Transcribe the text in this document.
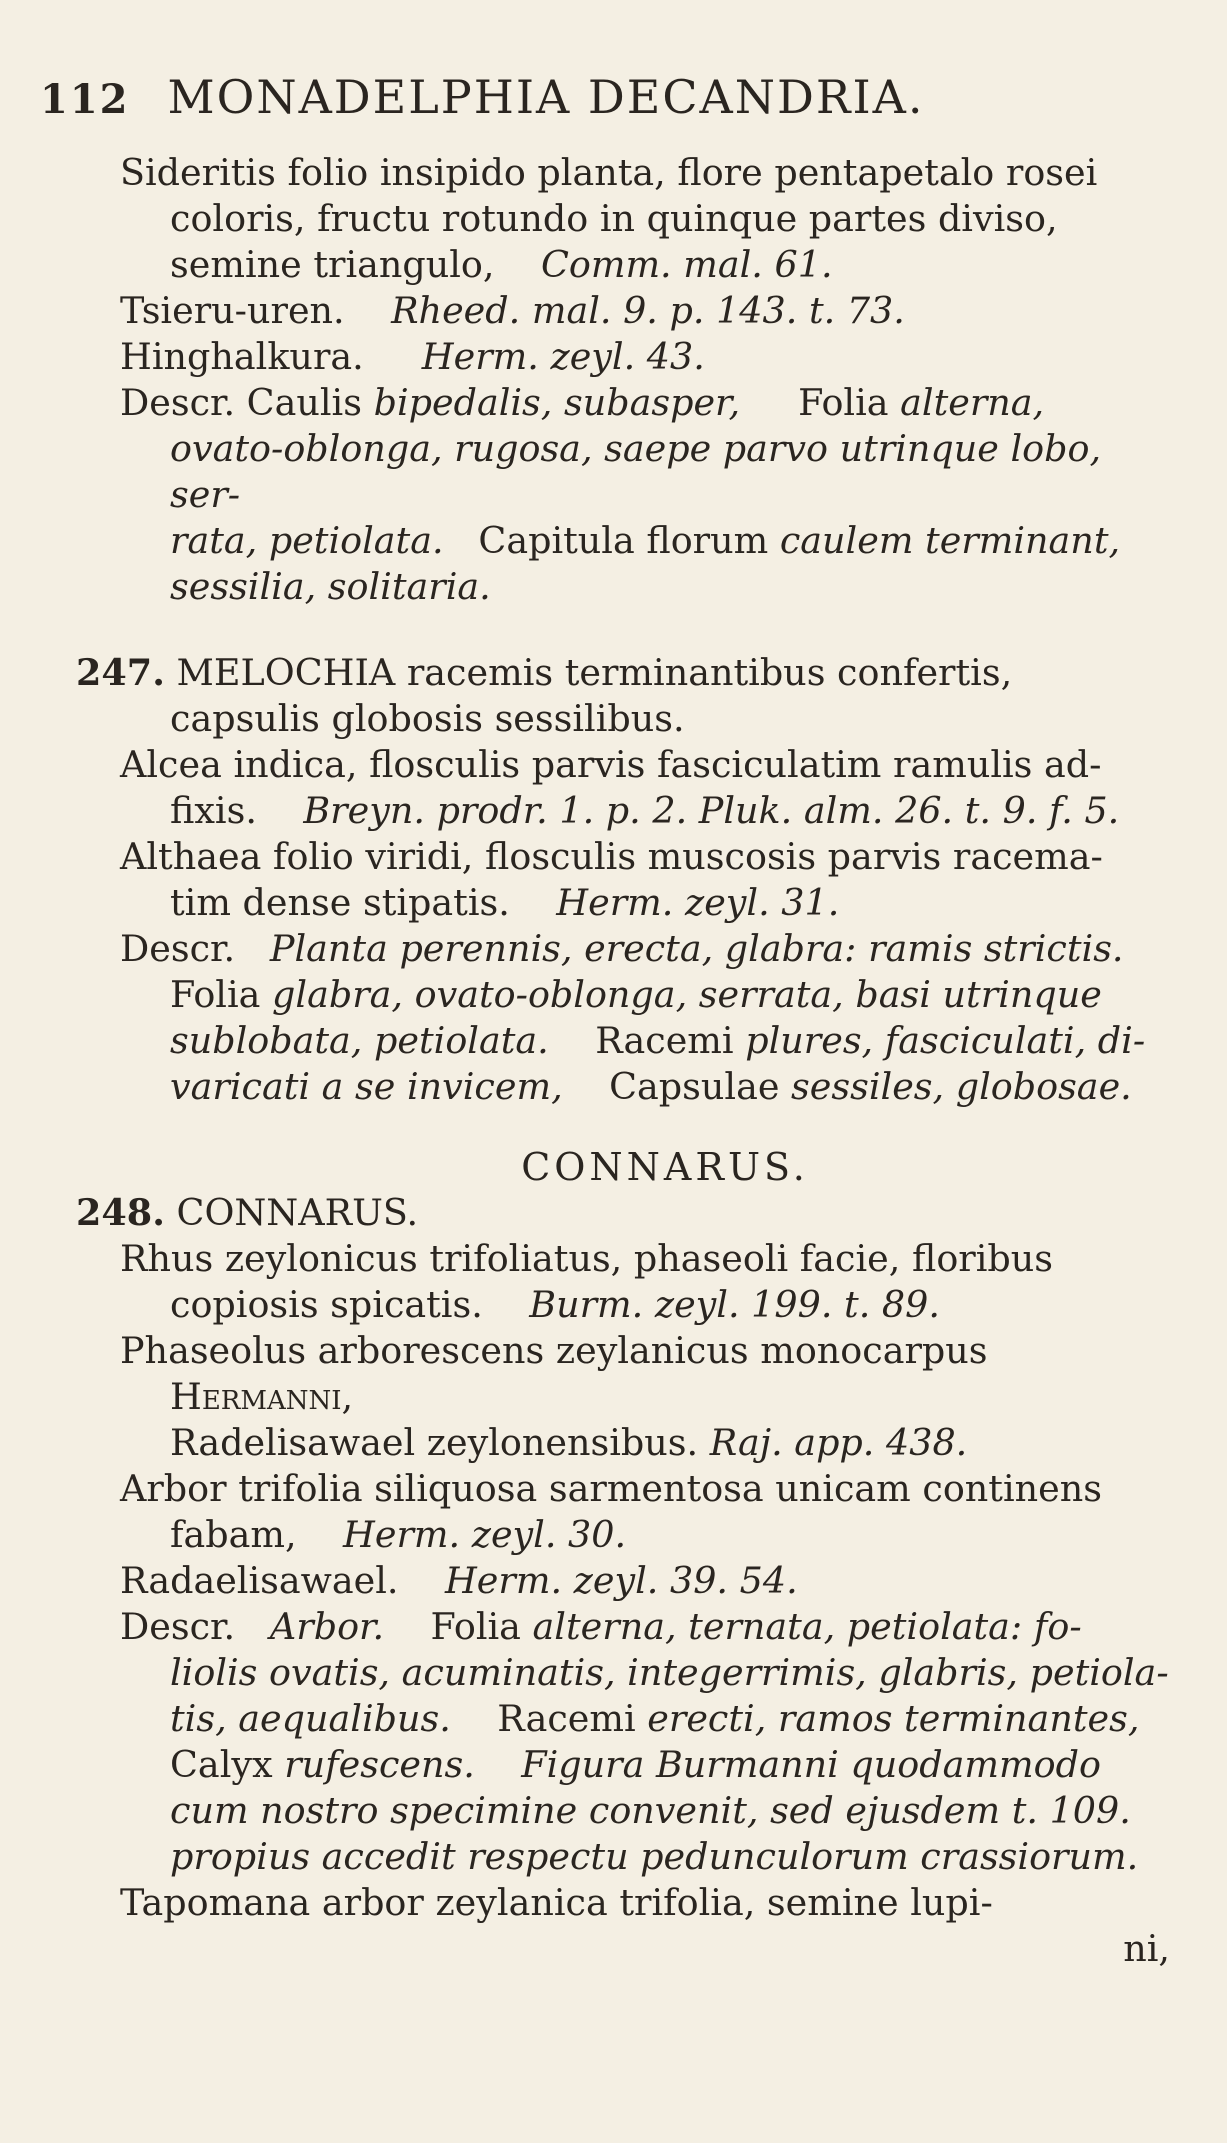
112 MONADELPHIA DECANDRIA.

Sideritis folio insipido planta, flore pentapetalo rosei
coloris, fructu rotundo in quinque partes diviso,
semine triangulo, Comm. mal. 61.

Tsieru-uren. Rheed. mal. 9. p. 143. t. 73.

Hinghalkura. Herm. zeyl. 43.

Descr. Caulis bipedalis, subasper, Folia alterna,
ovato-oblonga, rugosa, saepe parvo utrinque lobo, ser-
rata, petiolata. Capitula florum caulem terminant,
sessilia, solitaria.

247. MELOCHIA racemis terminantibus confertis,
capsulis globosis sessilibus.

Alcea indica, flosculis parvis fasciculatim ramulis ad-
fixis. Breyn. prodr. 1. p. 2. Pluk. alm. 26. t. 9. f. 5.

Althaea folio viridi, flosculis muscosis parvis racema-
tim dense stipatis. Herm. zeyl. 31.

Descr. Planta perennis, erecta, glabra: ramis strictis.
Folia glabra, ovato-oblonga, serrata, basi utrinque
sublobata, petiolata. Racemi plures, fasciculati, di-
varicati a se invicem, Capsulae sessiles, globosae.

CONNARUS.

248. CONNARUS.

Rhus zeylonicus trifoliatus, phaseoli facie, floribus
copiosis spicatis. Burm. zeyl. 199. t. 89.

Phaseolus arborescens zeylanicus monocarpus Hermanni,
Radelisawael zeylonensibus. Raj. app. 438.

Arbor trifolia siliquosa sarmentosa unicam continens
fabam, Herm. zeyl. 30.

Radaelisawael. Herm. zeyl. 39. 54.

Descr. Arbor. Folia alterna, ternata, petiolata: fo-
liolis ovatis, acuminatis, integerrimis, glabris, petiola-
tis, aequalibus. Racemi erecti, ramos terminantes,
Calyx rufescens. Figura Burmanni quodammodo
cum nostro specimine convenit, sed ejusdem t. 109.
propius accedit respectu pedunculorum crassiorum.

Tapomana arbor zeylanica trifolia, semine lupi-

ni,
